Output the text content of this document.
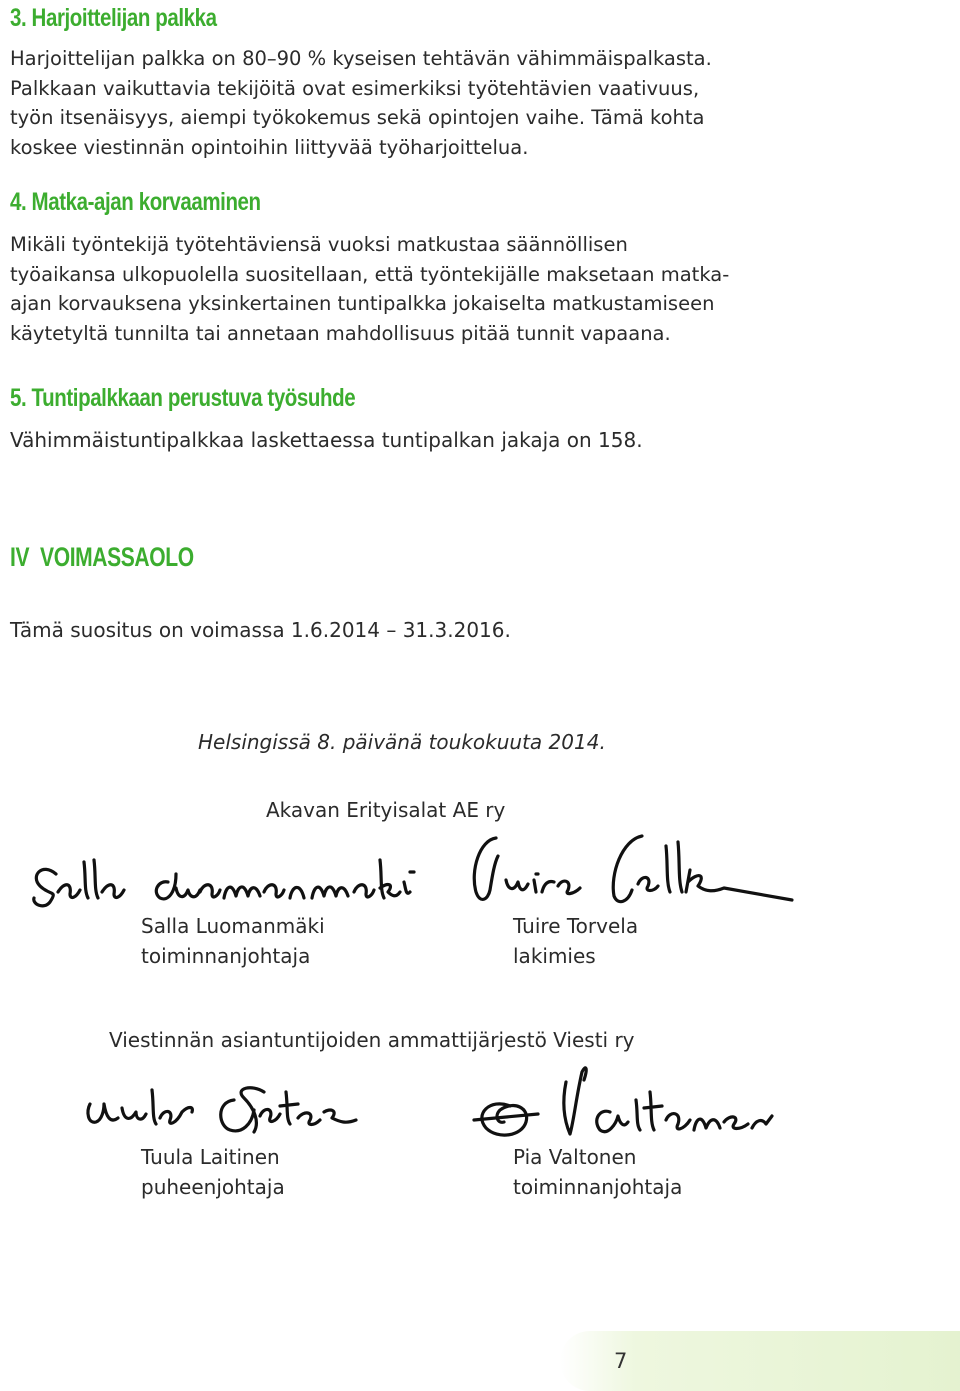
3. Harjoittelijan palkka

Harjoittelijan palkka on 80–90 % kyseisen tehtävän vähimmäispalkasta.
Palkkaan vaikuttavia tekijöitä ovat esimerkiksi työtehtävien vaativuus,
työn itsenäisyys, aiempi työkokemus sekä opintojen vaihe. Tämä kohta
koskee viestinnän opintoihin liittyvää työharjoittelua.

4. Matka-ajan korvaaminen

Mikäli työntekijä työtehtäviensä vuoksi matkustaa säännöllisen
työaikansa ulkopuolella suositellaan, että työntekijälle maksetaan matka-
ajan korvauksena yksinkertainen tuntipalkka jokaiselta matkustamiseen
käytetyltä tunnilta tai annetaan mahdollisuus pitää tunnit vapaana.

5. Tuntipalkkaan perustuva työsuhde

Vähimmäistuntipalkkaa laskettaessa tuntipalkan jakaja on 158.

IV  VOIMASSAOLO

Tämä suositus on voimassa 1.6.2014 – 31.3.2016.

Helsingissä 8. päivänä toukokuuta 2014.
Akavan Erityisalat AE ry
Salla Luomanmäki
toiminnanjohtaja
Tuire Torvela
lakimies
Viestinnän asiantuntijoiden ammattijärjestö Viesti ry
Tuula Laitinen
puheenjohtaja
Pia Valtonen
toiminnanjohtaja
7
